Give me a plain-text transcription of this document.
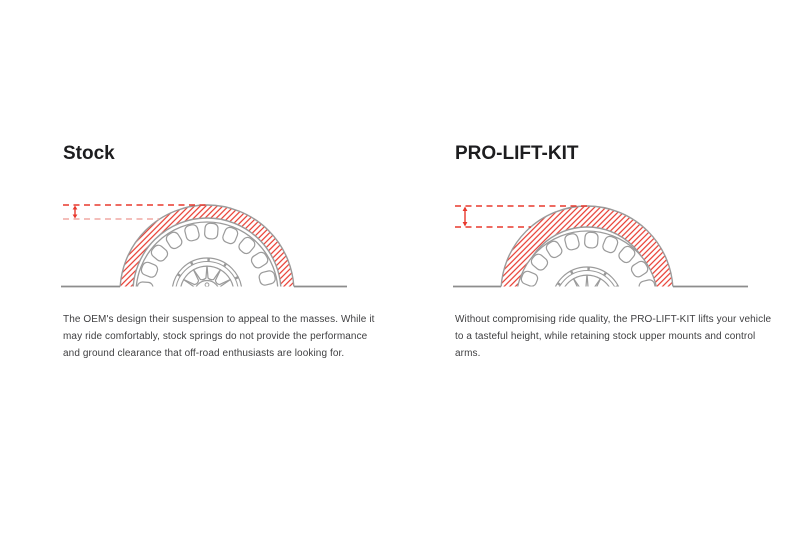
Stock

The OEM's design their suspension to appeal to the masses. While it
may ride comfortably, stock springs do not provide the performance
and ground clearance that off-road enthusiasts are looking for.

PRO-LIFT-KIT

Without compromising ride quality, the PRO-LIFT-KIT lifts your vehicle
to a tasteful height, while retaining stock upper mounts and control
arms.
